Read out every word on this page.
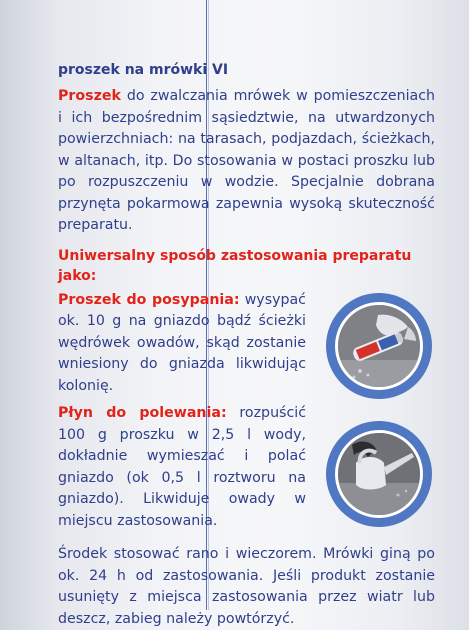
proszek na mrówki VI

Proszek do zwalczania mrówek w pomieszczeniach i ich bezpośrednim sąsiedztwie, na utwardzonych powierzchniach: na tarasach, podjazdach, ścieżkach, w altanach, itp. Do stosowania w postaci proszku lub po rozpuszczeniu w wodzie. Specjalnie dobrana przynęta pokarmowa zapewnia wysoką skuteczność preparatu.

Uniwersalny sposób zastosowania preparatu jako:

Proszek do posypania: wysypać ok. 10 g na gniazdo bądź ścieżki wędrówek owadów, skąd zostanie wniesiony do gniazda likwidując kolonię.

Płyn do polewania: rozpuścić 100 g proszku w 2,5 l wody, dokładnie wymieszać i polać gniazdo (ok 0,5 l roztworu na gniazdo). Likwiduje owady w miejscu zastosowania.

Środek stosować rano i wieczorem. Mrówki giną po ok. 24 h od zastosowania. Jeśli produkt zostanie usunięty z miejsca zastosowania przez wiatr lub deszcz, zabieg należy powtórzyć.
